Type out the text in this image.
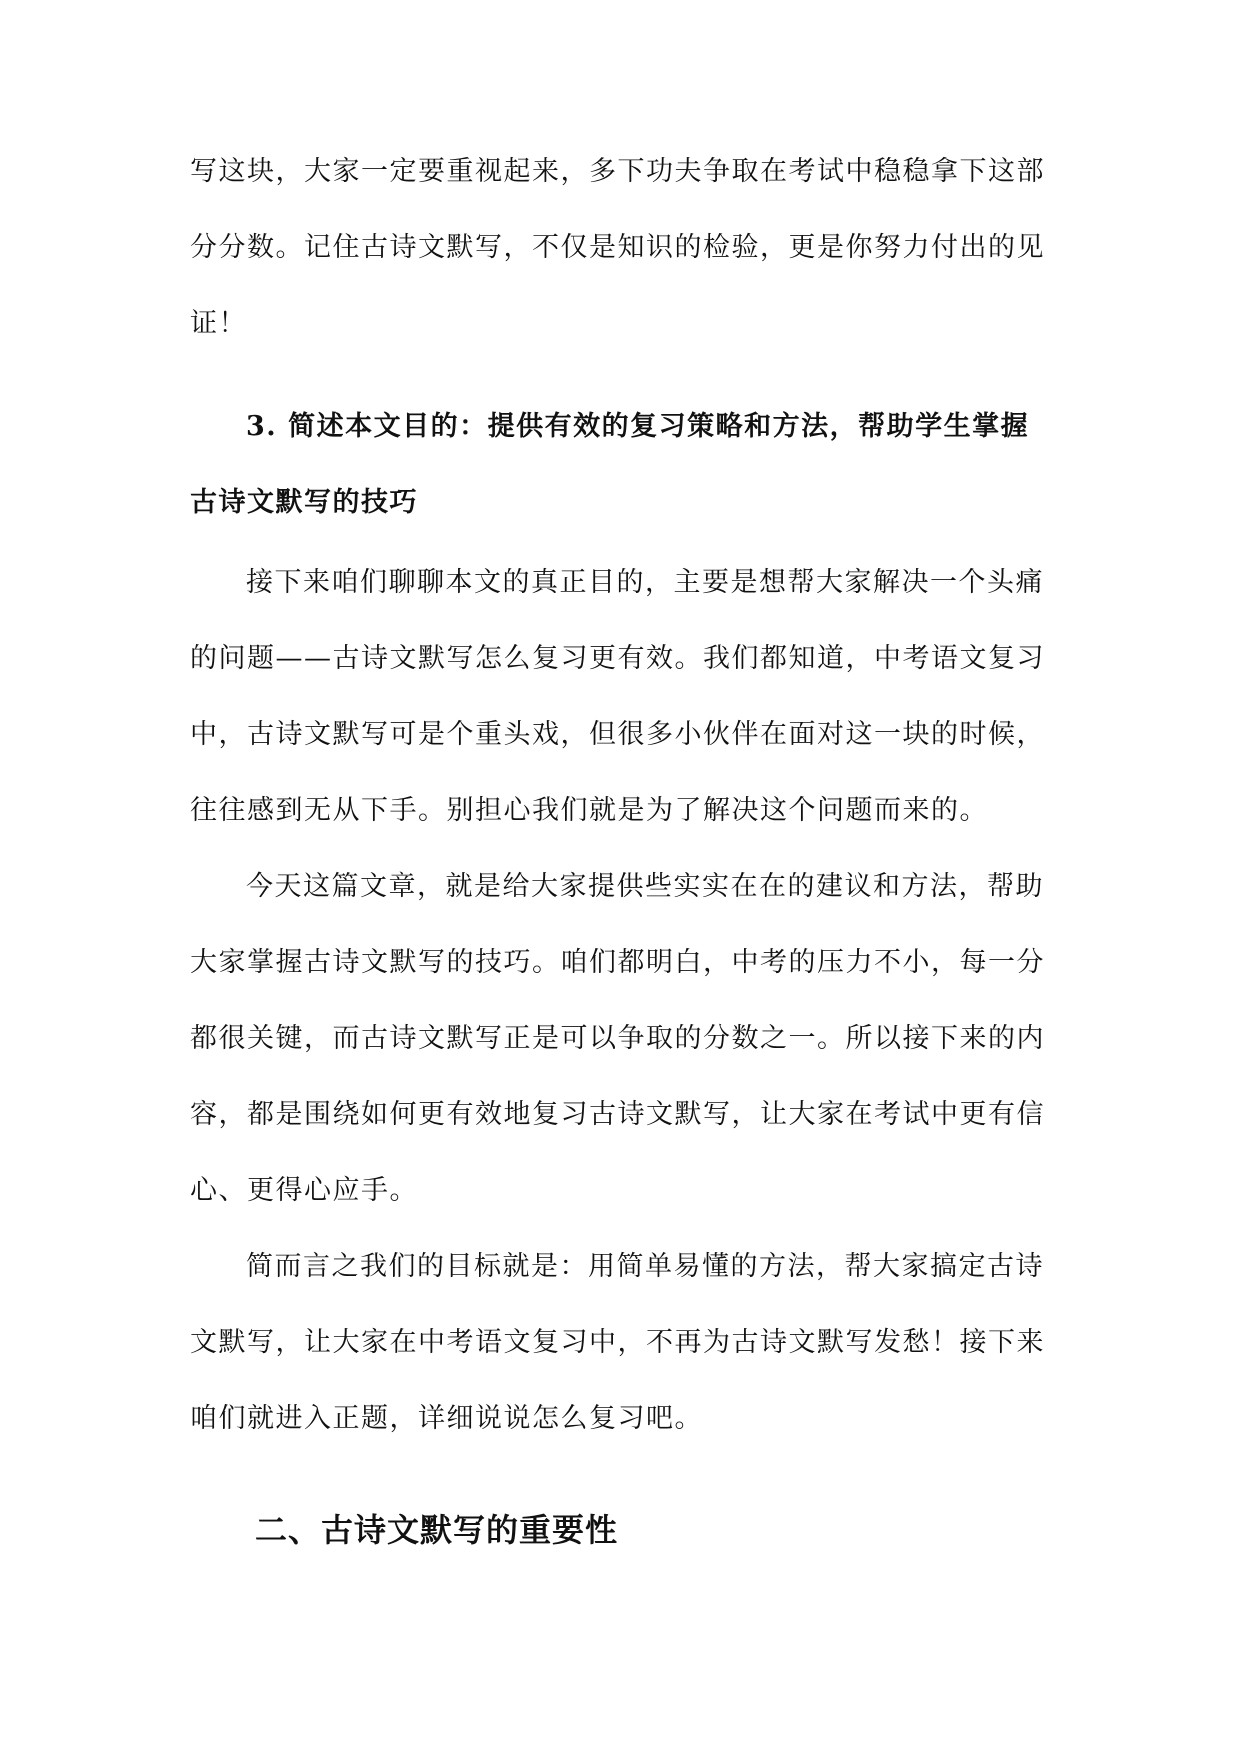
写这块，大家一定要重视起来，多下功夫争取在考试中稳稳拿下这部
分分数。记住古诗文默写，不仅是知识的检验，更是你努力付出的见
证！
3. 简述本文目的：提供有效的复习策略和方法，帮助学生掌握
古诗文默写的技巧
接下来咱们聊聊本文的真正目的，主要是想帮大家解决一个头痛
的问题——古诗文默写怎么复习更有效。我们都知道，中考语文复习
中，古诗文默写可是个重头戏，但很多小伙伴在面对这一块的时候，
往往感到无从下手。别担心我们就是为了解决这个问题而来的。
今天这篇文章，就是给大家提供些实实在在的建议和方法，帮助
大家掌握古诗文默写的技巧。咱们都明白，中考的压力不小，每一分
都很关键，而古诗文默写正是可以争取的分数之一。所以接下来的内
容，都是围绕如何更有效地复习古诗文默写，让大家在考试中更有信
心、更得心应手。
简而言之我们的目标就是：用简单易懂的方法，帮大家搞定古诗
文默写，让大家在中考语文复习中，不再为古诗文默写发愁！接下来
咱们就进入正题，详细说说怎么复习吧。
二、古诗文默写的重要性
